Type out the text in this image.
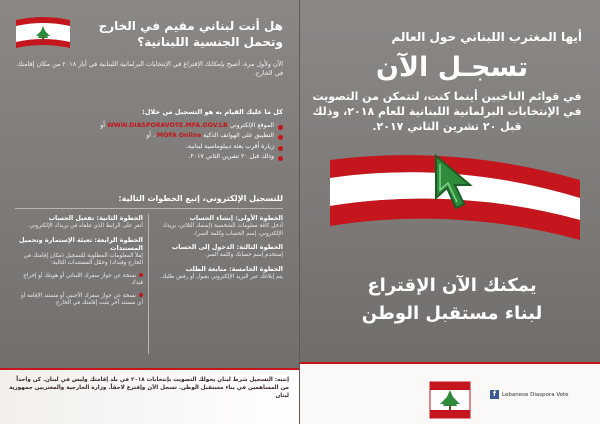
هل أنت لبناني مقيم في الخارج وتحمل الجنسية اللبنانية؟
الآن ولأول مرة، أصبح بإمكانك الإقتراع في الإنتخابات البرلمانية اللبنانية في أيار ٢٠١٨ من مكان إقامتك في الخارج.
كل ما عليك القيام به هو التسجيل من خلال:
الموقع الإلكتروني WWW.DIASPORAVOTE.MFA.GOV.LB أو
التطبيق على الهواتف الذكية MOFA Online ، أو
زيارة أقرب بعثة ديبلوماسية لبنانية،
وذلك قبل ٢٠ تشرين الثاني ٢٠١٧.
للتسجيل الإلكتروني، إتبع الخطوات التالية:
الخطوة الأولى: إنشاء الحساب
أدخل كافة معلومات الشخصية (إسمك الثلاثي، بريدك الإلكتروني، إسم الحساب وكلمة السر).
الخطوة الثالثة: الدخول إلى الحساب
إستخدم إسم حسابك وكلمة السر.
الخطوة الخامسة: متابعة الطلب
يتم إبلاغك عبر البريد الإلكتروني بقبول أو رفض طلبك.
الخطوة الثانية: تفعيل الحساب
أنقر على الرابط الذي تتلقاه في بريدك الإلكتروني.
الخطوة الرابعة: تعبئة الإستمارة وتحميل المستندات
إملأ المعلومات المطلوبة للتسجيل (مكان إقامتك في الخارج وقيدك) وحمّل المستندات التالية:
نسخة عن جواز سفرك اللبناني أو هويتك أو إخراج قيدك
نسخة عن جواز سفرك الأجنبي أو مستند الإقامة أو أي مستند آخر يثبت إقامتك في الخارج
إنتبه: التسجيل شرط لبنان يخولك التصويت بإنتخابات ٢٠١٨ في بلد إقامتك وليس في لبنان. كن واحداً من المساهمين في بناء مستقبل الوطن. تسجل الآن وإقترع لاحقاً. وزارة الخارجية والمغتربين جمهورية لبنان
أيها المغترب اللبناني حول العالم
تسجـل الآن
في قوائم الناخبين أينما كنت، لتتمكن من التصويت في الإنتخابات البرلمانية اللبنانية للعام ٢٠١٨، وذلك قبل ٢٠ تشرين الثاني ٢٠١٧.
يمكنك الآن الإقتراع
لبناء مستقبل الوطن
f Lebanese Diaspora Vote
